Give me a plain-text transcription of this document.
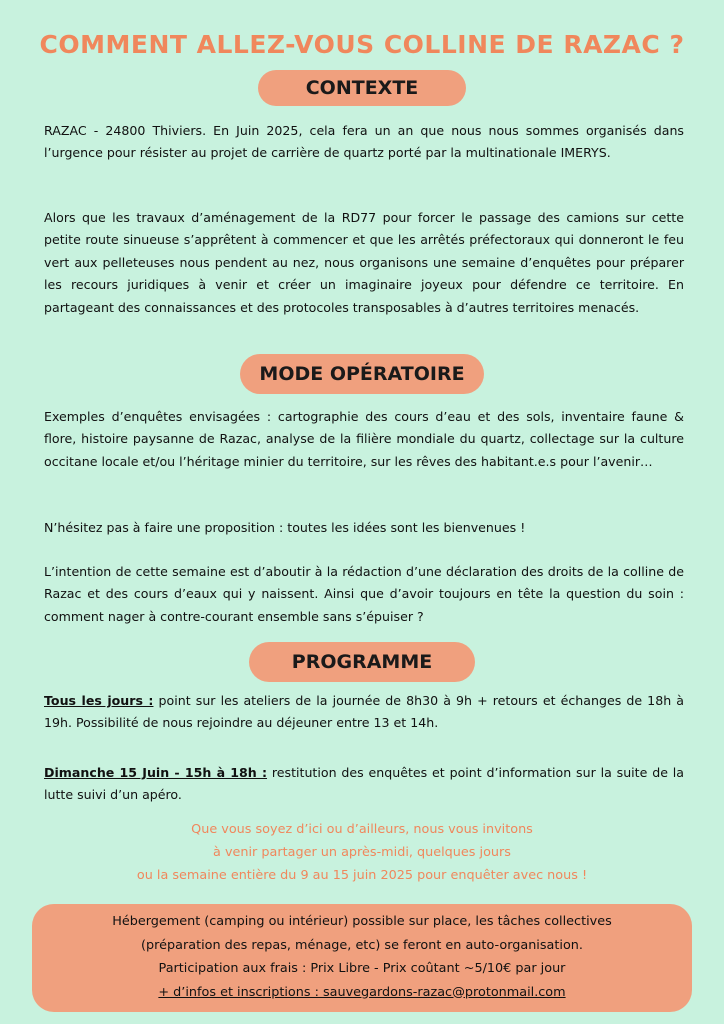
COMMENT ALLEZ-VOUS COLLINE DE RAZAC ?
CONTEXTE
RAZAC - 24800 Thiviers. En Juin 2025, cela fera un an que nous nous sommes organisés dans l’urgence pour résister au projet de carrière de quartz porté par la multinationale IMERYS.
Alors que les travaux d’aménagement de la RD77 pour forcer le passage des camions sur cette petite route sinueuse s’apprêtent à commencer et que les arrêtés préfectoraux qui donneront le feu vert aux pelleteuses nous pendent au nez, nous organisons une semaine d’enquêtes pour préparer les recours juridiques à venir et créer un imaginaire joyeux pour défendre ce territoire. En partageant des connaissances et des protocoles transposables à d’autres territoires menacés.
MODE OPÉRATOIRE
Exemples d’enquêtes envisagées : cartographie des cours d’eau et des sols, inventaire faune & flore, histoire paysanne de Razac, analyse de la filière mondiale du quartz, collectage sur la culture occitane locale et/ou l’héritage minier du territoire, sur les rêves des habitant.e.s pour l’avenir…
N’hésitez pas à faire une proposition : toutes les idées sont les bienvenues !
L’intention de cette semaine est d’aboutir à la rédaction d’une déclaration des droits de la colline de Razac et des cours d’eaux qui y naissent. Ainsi que d’avoir toujours en tête la question du soin : comment nager à contre-courant ensemble sans s’épuiser ?
PROGRAMME
Tous les jours : point sur les ateliers de la journée de 8h30 à 9h + retours et échanges de 18h à 19h. Possibilité de nous rejoindre au déjeuner entre 13 et 14h.
Dimanche 15 Juin - 15h à 18h : restitution des enquêtes et point d’information sur la suite de la lutte suivi d’un apéro.
Que vous soyez d’ici ou d’ailleurs, nous vous invitons
à venir partager un après-midi, quelques jours
ou la semaine entière du 9 au 15 juin 2025 pour enquêter avec nous !
Hébergement (camping ou intérieur) possible sur place, les tâches collectives
(préparation des repas, ménage, etc) se feront en auto-organisation.
Participation aux frais : Prix Libre - Prix coûtant ~5/10€ par jour
+ d’infos et inscriptions : sauvegardons-razac@protonmail.com
